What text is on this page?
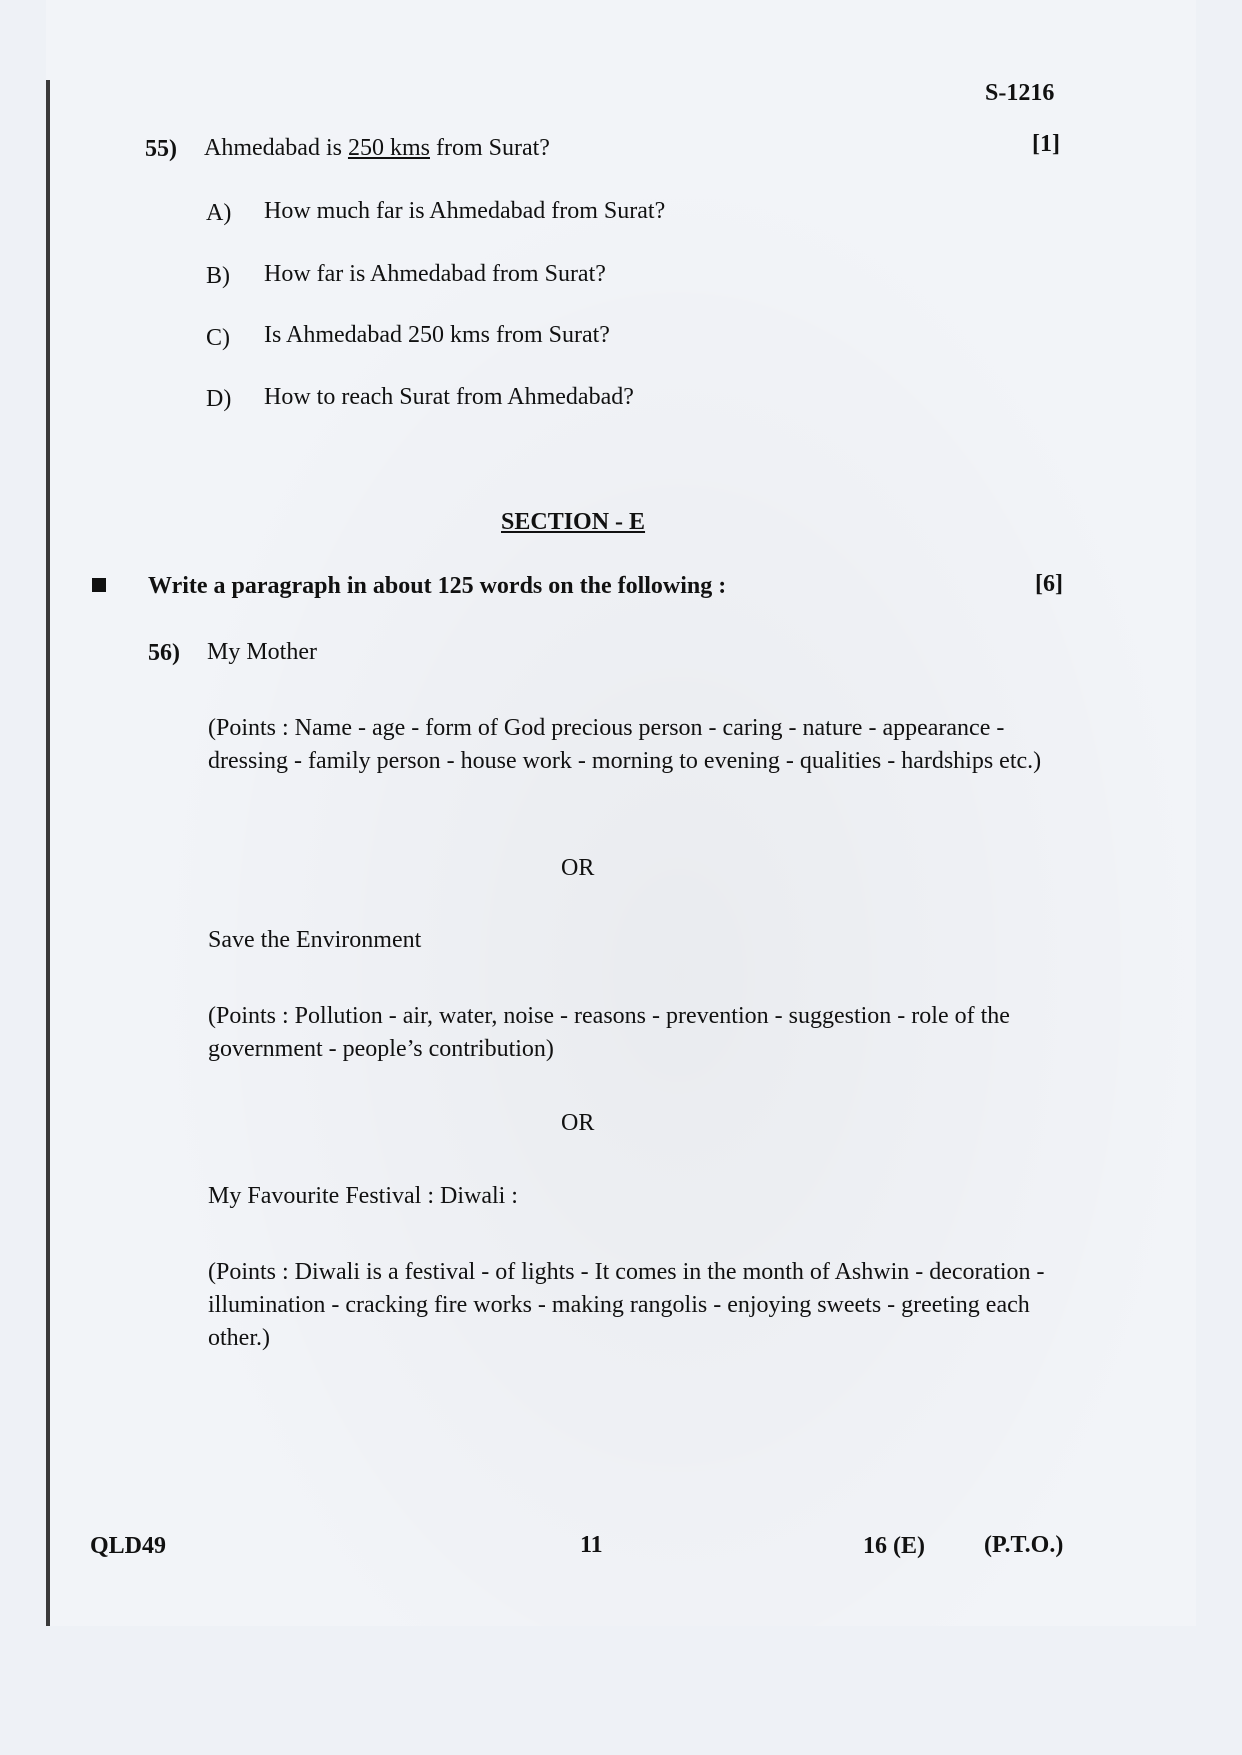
S-1216
55) Ahmedabad is 250 kms from Surat?	[1]
A) How much far is Ahmedabad from Surat?
B) How far is Ahmedabad from Surat?
C) Is Ahmedabad 250 kms from Surat?
D) How to reach Surat from Ahmedabad?
SECTION - E
Write a paragraph in about 125 words on the following :	[6]
56) My Mother
(Points : Name - age - form of God precious person - caring - nature - appearance - dressing - family person - house work - morning to evening - qualities - hardships etc.)
OR
Save the Environment
(Points : Pollution - air, water, noise - reasons - prevention - suggestion - role of the government - people’s contribution)
OR
My Favourite Festival : Diwali :
(Points : Diwali is a festival - of lights - It comes in the month of Ashwin - decoration - illumination - cracking fire works - making rangolis - enjoying sweets - greeting each other.)
QLD49	11	16 (E) (P.T.O.)
